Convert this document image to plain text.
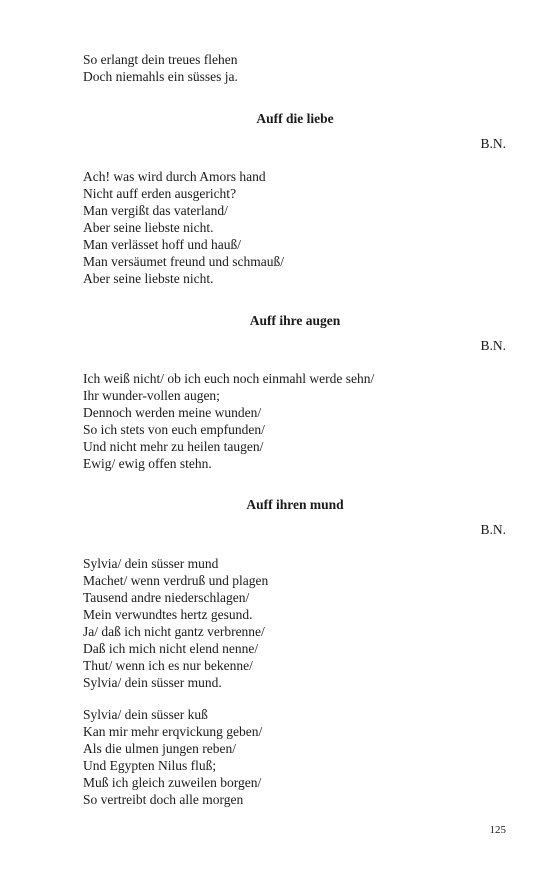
So erlangt dein treues flehen
Doch niemahls ein süsses ja.
Auff die liebe
B.N.
Ach! was wird durch Amors hand
Nicht auff erden ausgericht?
Man vergißt das vaterland/
Aber seine liebste nicht.
Man verlässet hoff und hauß/
Man versäumet freund und schmauß/
Aber seine liebste nicht.
Auff ihre augen
B.N.
Ich weiß nicht/ ob ich euch noch einmahl werde sehn/
Ihr wunder-vollen augen;
Dennoch werden meine wunden/
So ich stets von euch empfunden/
Und nicht mehr zu heilen taugen/
Ewig/ ewig offen stehn.
Auff ihren mund
B.N.
Sylvia/ dein süsser mund
Machet/ wenn verdruß und plagen
Tausend andre niederschlagen/
Mein verwundtes hertz gesund.
Ja/ daß ich nicht gantz verbrenne/
Daß ich mich nicht elend nenne/
Thut/ wenn ich es nur bekenne/
Sylvia/ dein süsser mund.
Sylvia/ dein süsser kuß
Kan mir mehr erqvickung geben/
Als die ulmen jungen reben/
Und Egypten Nilus fluß;
Muß ich gleich zuweilen borgen/
So vertreibt doch alle morgen
125
